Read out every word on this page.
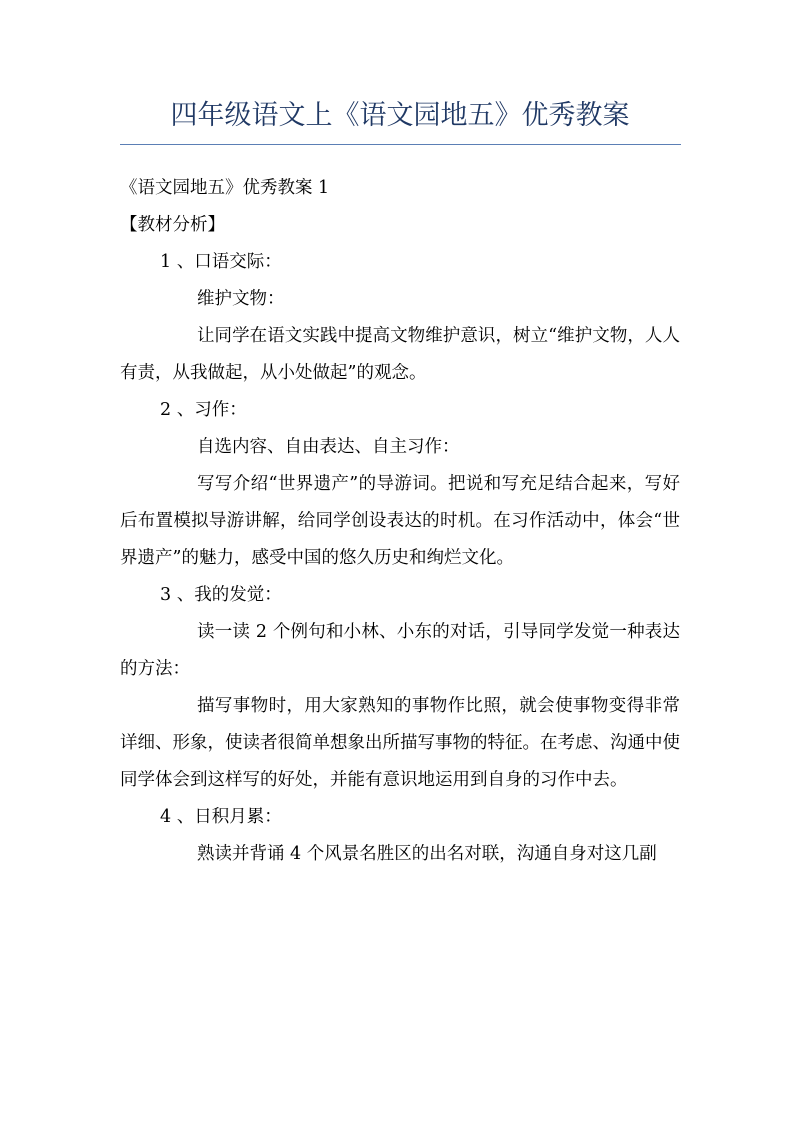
四年级语文上《语文园地五》优秀教案

《语文园地五》优秀教案 1

【教材分析】

1 、口语交际：

维护文物：

让同学在语文实践中提高文物维护意识，树立“维护文物，人人有责，从我做起，从小处做起”的观念。

2 、习作：

自选内容、自由表达、自主习作：

写写介绍“世界遗产”的导游词。把说和写充足结合起来，写好后布置模拟导游讲解，给同学创设表达的时机。在习作活动中，体会“世界遗产”的魅力，感受中国的悠久历史和绚烂文化。

3 、我的发觉：

读一读 2 个例句和小林、小东的对话，引导同学发觉一种表达的方法：

描写事物时，用大家熟知的事物作比照，就会使事物变得非常详细、形象，使读者很简单想象出所描写事物的特征。在考虑、沟通中使同学体会到这样写的好处，并能有意识地运用到自身的习作中去。

4 、日积月累：

熟读并背诵 4 个风景名胜区的出名对联，沟通自身对这几副
